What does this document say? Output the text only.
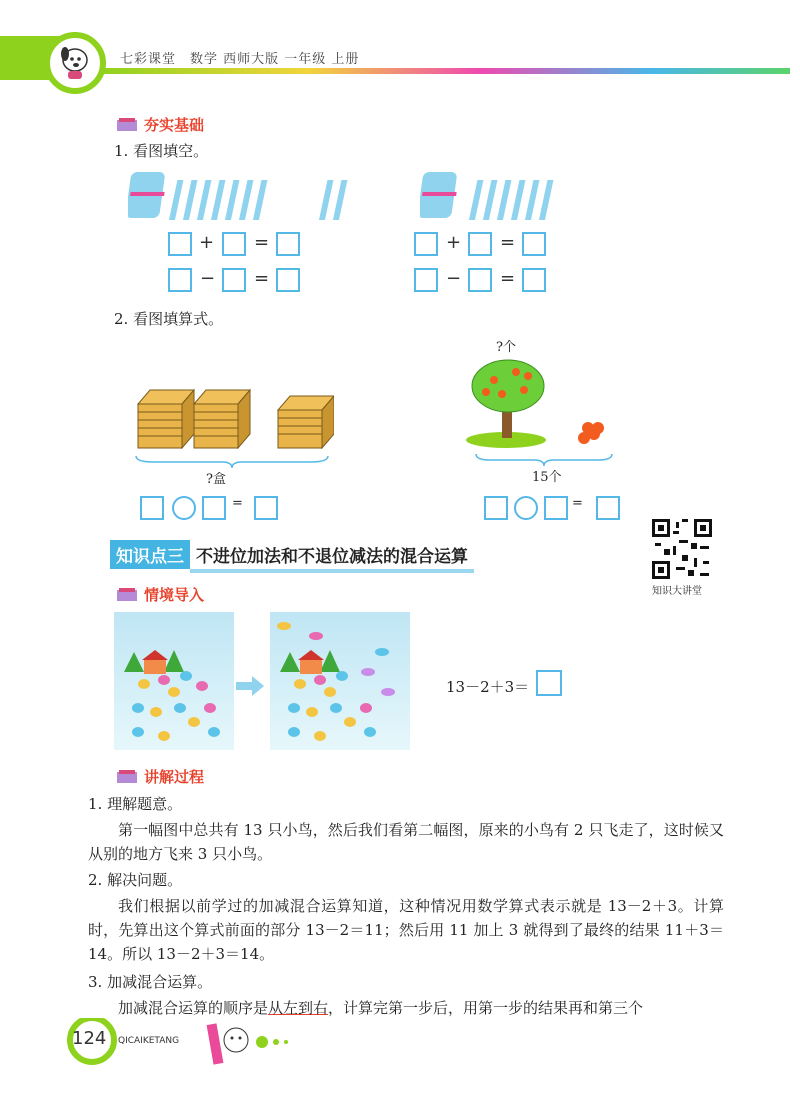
七彩课堂　数学 西师大版 一年级 上册
夯实基础
1. 看图填空。
+ =
− =
+ =
− =
2. 看图填算式。
?盒
=
?个
15个
=
知识点三 不进位加法和不退位减法的混合运算
知识大讲堂
情境导入
13－2＋3＝
讲解过程
1. 理解题意。
第一幅图中总共有 13 只小鸟，然后我们看第二幅图，原来的小鸟有 2 只飞走了，这时候又从别的地方飞来 3 只小鸟。
2. 解决问题。
我们根据以前学过的加减混合运算知道，这种情况用数学算式表示就是 13－2＋3。计算时，先算出这个算式前面的部分 13－2＝11；然后用 11 加上 3 就得到了最终的结果 11＋3＝14。所以 13－2＋3＝14。
3. 加减混合运算。
加减混合运算的顺序是从左到右，计算完第一步后，用第一步的结果再和第三个
124 QICAIKETANG
